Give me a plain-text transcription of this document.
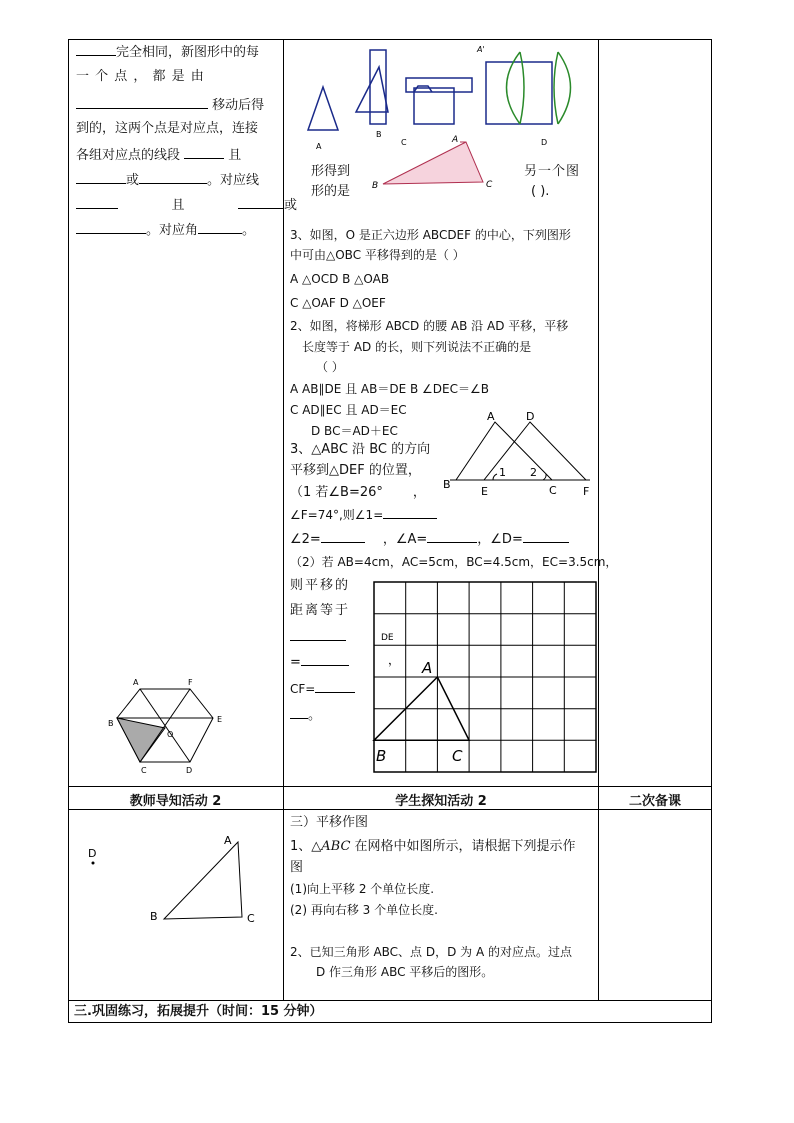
完全相同，新图形中的每
一 个 点 ， 都 是 由
移动后得
到的，这两个点是对应点，连接
各组对应点的线段	且
或	。对应线
且	或
。对应角	。
A	F
B	E
O
C	D
A
B
C
A'
D
A
B	C
形得到
形的是
另一个图
( ).
3、如图，O 是正六边形 ABCDEF 的中心，下列图形
中可由△OBC 平移得到的是（ ）
A △OCD B △OAB
C △OAF D △OEF
2、如图，将梯形 ABCD 的腰 AB 沿 AD 平移，平移
长度等于 AD 的长，则下列说法不正确的是
（ ）
A AB∥DE 且 AB＝DE B ∠DEC＝∠B
C AD∥EC 且 AD＝EC
D BC＝AD＋EC
A	D
B
E	C F
1 2
3、△ABC 沿 BC 的方向
平移到△DEF 的位置，
（1 若∠B=26° ，
∠F=74°,则∠1=
∠2=	，∠A=	，∠D=
（2）若 AB=4cm，AC=5cm，BC=4.5cm，EC=3.5cm，
则平移的
距离等于
=
CF=
。
DE
， A
B	C
教师导知活动 2	学生探知活动 2	二次备课
D
A
B	C
三）平移作图
1、△ABC 在网格中如图所示，请根据下列提示作
图
(1)向上平移 2 个单位长度.
(2) 再向右移 3 个单位长度.
2、已知三角形 ABC、点 D，D 为 A 的对应点。过点
D 作三角形 ABC 平移后的图形。
三.巩固练习，拓展提升（时间：15 分钟）
